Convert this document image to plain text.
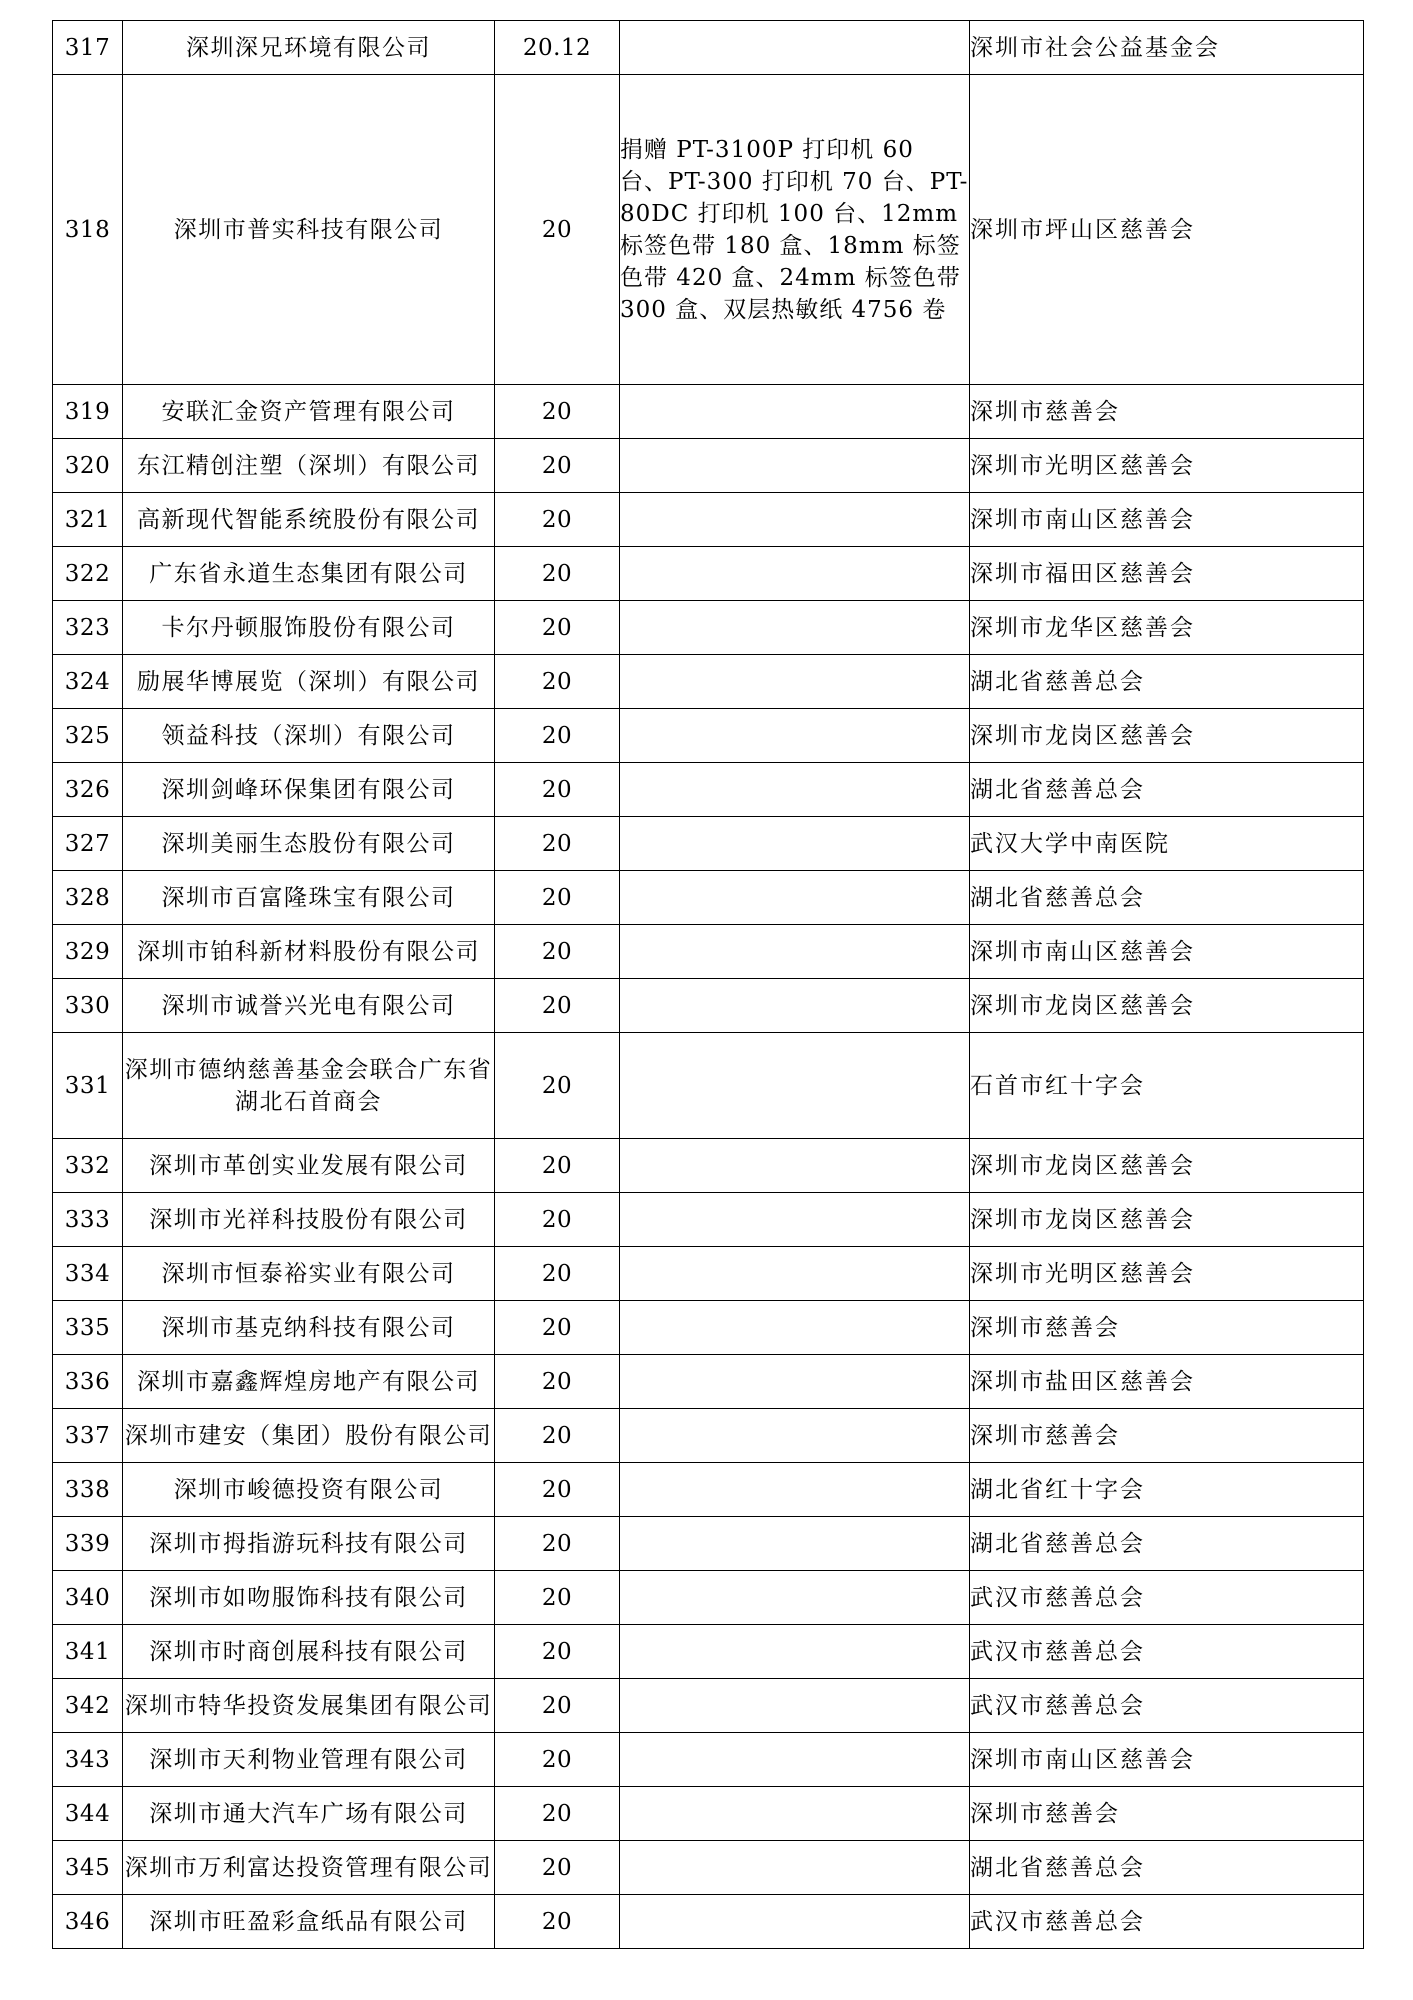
317	深圳深兄环境有限公司	20.12		深圳市社会公益基金会
318	深圳市普实科技有限公司	20	捐赠 PT-3100P 打印机 60 台、PT-300 打印机 70 台、PT-80DC 打印机 100 台、12mm 标签色带 180 盒、18mm 标签色带 420 盒、24mm 标签色带 300 盒、双层热敏纸 4756 卷	深圳市坪山区慈善会
319	安联汇金资产管理有限公司	20		深圳市慈善会
320	东江精创注塑（深圳）有限公司	20		深圳市光明区慈善会
321	高新现代智能系统股份有限公司	20		深圳市南山区慈善会
322	广东省永道生态集团有限公司	20		深圳市福田区慈善会
323	卡尔丹顿服饰股份有限公司	20		深圳市龙华区慈善会
324	励展华博展览（深圳）有限公司	20		湖北省慈善总会
325	领益科技（深圳）有限公司	20		深圳市龙岗区慈善会
326	深圳剑峰环保集团有限公司	20		湖北省慈善总会
327	深圳美丽生态股份有限公司	20		武汉大学中南医院
328	深圳市百富隆珠宝有限公司	20		湖北省慈善总会
329	深圳市铂科新材料股份有限公司	20		深圳市南山区慈善会
330	深圳市诚誉兴光电有限公司	20		深圳市龙岗区慈善会
331	深圳市德纳慈善基金会联合广东省湖北石首商会	20		石首市红十字会
332	深圳市革创实业发展有限公司	20		深圳市龙岗区慈善会
333	深圳市光祥科技股份有限公司	20		深圳市龙岗区慈善会
334	深圳市恒泰裕实业有限公司	20		深圳市光明区慈善会
335	深圳市基克纳科技有限公司	20		深圳市慈善会
336	深圳市嘉鑫辉煌房地产有限公司	20		深圳市盐田区慈善会
337	深圳市建安（集团）股份有限公司	20		深圳市慈善会
338	深圳市峻德投资有限公司	20		湖北省红十字会
339	深圳市拇指游玩科技有限公司	20		湖北省慈善总会
340	深圳市如吻服饰科技有限公司	20		武汉市慈善总会
341	深圳市时商创展科技有限公司	20		武汉市慈善总会
342	深圳市特华投资发展集团有限公司	20		武汉市慈善总会
343	深圳市天利物业管理有限公司	20		深圳市南山区慈善会
344	深圳市通大汽车广场有限公司	20		深圳市慈善会
345	深圳市万利富达投资管理有限公司	20		湖北省慈善总会
346	深圳市旺盈彩盒纸品有限公司	20		武汉市慈善总会
